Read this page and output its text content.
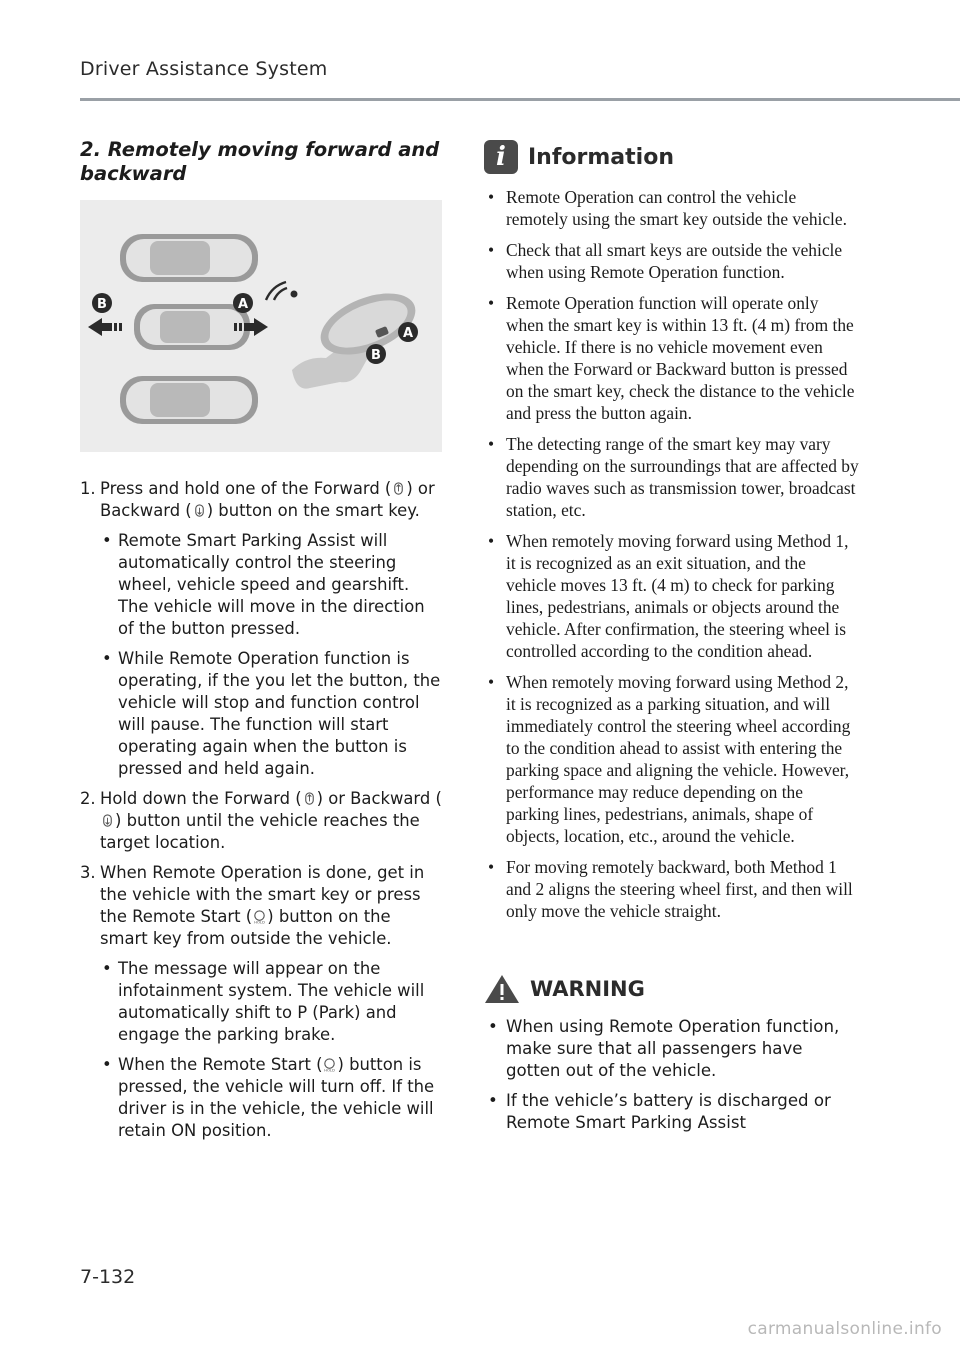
Driver Assistance System
2. Remotely moving forward and backward
B	A
A
B
1. Press and hold one of the Forward ( ) or Backward ( ) button on the smart key.
• Remote Smart Parking Assist will automatically control the steering wheel, vehicle speed and gearshift. The vehicle will move in the direction of the button pressed.
• While Remote Operation function is operating, if the you let the button, the vehicle will stop and function control will pause. The function will start operating again when the button is pressed and held again.
2. Hold down the Forward ( ) or Backward () button until the vehicle reaches the target location.
3. When Remote Operation is done, get in the vehicle with the smart key or press the Remote Start ( HOLD ) button on the smart key from outside the vehicle.
• The message will appear on the infotainment system. The vehicle will automatically shift to P (Park) and engage the parking brake.
• When the Remote Start ( HOLD ) button is pressed, the vehicle will turn off. If the driver is in the vehicle, the vehicle will retain ON position.
i	Information
• Remote Operation can control the vehicle remotely using the smart key outside the vehicle.
• Check that all smart keys are outside the vehicle when using Remote Operation function.
• Remote Operation function will operate only when the smart key is within 13 ft. (4 m) from the vehicle. If there is no vehicle movement even when the Forward or Backward button is pressed on the smart key, check the distance to the vehicle and press the button again.
• The detecting range of the smart key may vary depending on the surroundings that are affected by radio waves such as transmission tower, broadcast station, etc.
• When remotely moving forward using Method 1, it is recognized as an exit situation, and the vehicle moves 13 ft. (4 m) to check for parking lines, pedestrians, animals or objects around the vehicle. After confirmation, the steering wheel is controlled according to the condition ahead.
• When remotely moving forward using Method 2, it is recognized as a parking situation, and will immediately control the steering wheel according to the condition ahead to assist with entering the parking space and aligning the vehicle. However, performance may reduce depending on the parking lines, pedestrians, animals, shape of objects, location, etc., around the vehicle.
• For moving remotely backward, both Method 1 and 2 aligns the steering wheel first, and then will only move the vehicle straight.
WARNING
• When using Remote Operation function, make sure that all passengers have gotten out of the vehicle.
• If the vehicle’s battery is discharged or Remote Smart Parking Assist
7-132
carmanualsonline.info
